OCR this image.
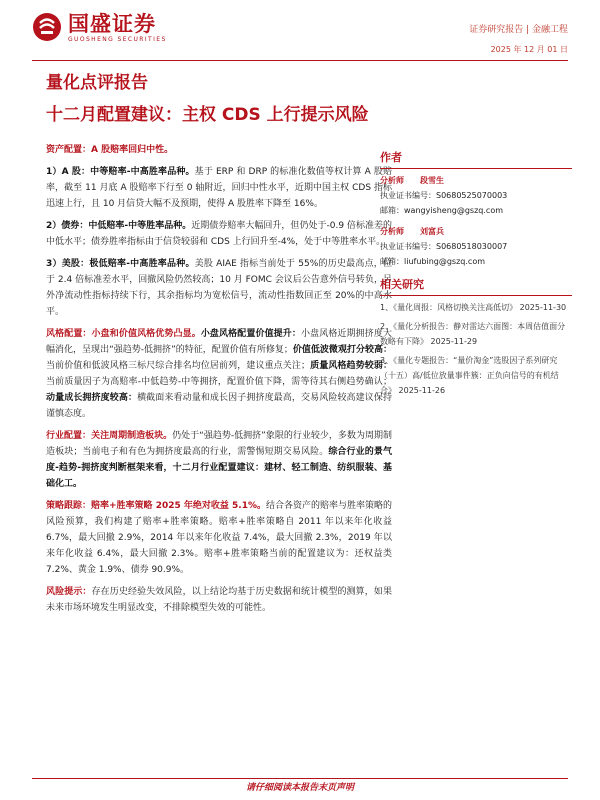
国盛证券
GUOSHENG SECURITIES
证券研究报告 | 金融工程
2025 年 12 月 01 日
量化点评报告
十二月配置建议：主权 CDS 上行提示风险

资产配置：A 股赔率回归中性。

1）A 股：中等赔率-中高胜率品种。基于 ERP 和 DRP 的标准化数值等权计算 A 股赔率，截至 11 月底 A 股赔率下行至 0 轴附近，回归中性水平，近期中国主权 CDS 指标迅速上行，且 10 月信贷大幅不及预期，使得 A 股胜率下降至 16%。

2）债券：中低赔率-中等胜率品种。近期债券赔率大幅回升，但仍处于-0.9 倍标准差的中低水平；债券胜率指标由于信贷较弱和 CDS 上行回升至-4%，处于中等胜率水平。

3）美股：极低赔率-中高胜率品种。美股 AIAE 指标当前处于 55%的历史最高点，位于 2.4 倍标准差水平，回撤风险仍然较高；10 月 FOMC 会议后公告意外信号转负，另外净流动性指标持续下行，其余指标均为宽松信号，流动性指数回正至 20%的中高水平。

风格配置：小盘和价值风格优势凸显。小盘风格配置价值提升：小盘风格近期拥挤度大幅消化，呈现出“强趋势-低拥挤”的特征，配置价值有所修复；价值低波微观打分较高：当前价值和低波风格三标尺综合排名均位居前列，建议重点关注；质量风格趋势较弱：当前质量因子为高赔率-中低趋势-中等拥挤，配置价值下降，需等待其右侧趋势确认；动量成长拥挤度较高：横截面来看动量和成长因子拥挤度最高，交易风险较高建议保持谨慎态度。

行业配置：关注周期制造板块。仍处于“强趋势-低拥挤”象限的行业较少，多数为周期制造板块；当前电子和有色为拥挤度最高的行业，需警惕短期交易风险。综合行业的景气度-趋势-拥挤度判断框架来看，十二月行业配置建议：建材、轻工制造、纺织服装、基础化工。

策略跟踪：赔率+胜率策略 2025 年绝对收益 5.1%。结合各资产的赔率与胜率策略的风险预算，我们构建了赔率+胜率策略。赔率+胜率策略自 2011 年以来年化收益 6.7%，最大回撤 2.9%，2014 年以来年化收益 7.4%，最大回撤 2.3%，2019 年以来年化收益 6.4%，最大回撤 2.3%。赔率+胜率策略当前的配置建议为：还权益类 7.2%、黄金 1.9%、债券 90.9%。

风险提示：存在历史经验失效风险，以上结论均基于历史数据和统计模型的测算，如果未来市场环境发生明显改变，不排除模型失效的可能性。

作者
分析师 段雪生
执业证书编号：S0680525070003
邮箱：wangyisheng@gszq.com
分析师 刘富兵
执业证书编号：S0680518030007
邮箱：liufubing@gszq.com
相关研究
1、《量化周报：风格切换关注高低切》 2025-11-30
2、《量化分析报告：静对雷达六面图：本周估值面分数略有下降》 2025-11-29
3、《量化专题报告：“量价淘金”选股因子系列研究（十五）高/低位放量事件簇：正负向信号的有机结合》 2025-11-26
请仔细阅读本报告末页声明
